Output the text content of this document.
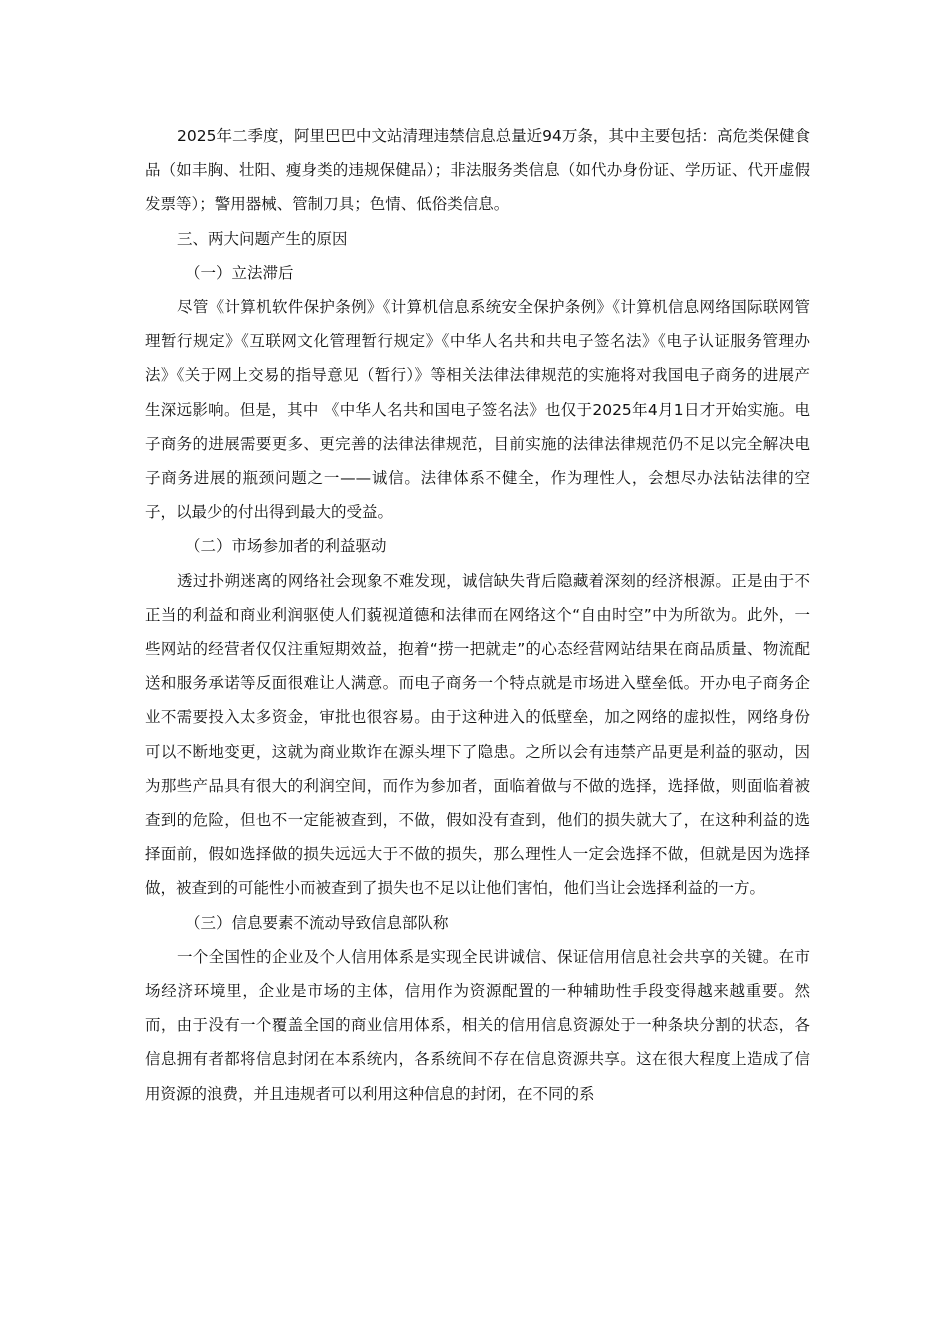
2025年二季度，阿里巴巴中文站清理违禁信息总量近94万条，其中主要包括：高危类保健食品（如丰胸、壮阳、瘦身类的违规保健品）；非法服务类信息（如代办身份证、学历证、代开虚假发票等）；警用器械、管制刀具；色情、低俗类信息。

三、两大问题产生的原因

（一）立法滞后

尽管《计算机软件保护条例》《计算机信息系统安全保护条例》《计算机信息网络国际联网管理暂行规定》《互联网文化管理暂行规定》《中华人名共和共电子签名法》《电子认证服务管理办法》《关于网上交易的指导意见（暂行）》等相关法律法律规范的实施将对我国电子商务的进展产生深远影响。但是，其中 《中华人名共和国电子签名法》也仅于2025年4月1日才开始实施。电子商务的进展需要更多、更完善的法律法律规范，目前实施的法律法律规范仍不足以完全解决电子商务进展的瓶颈问题之一——诚信。法律体系不健全，作为理性人，会想尽办法钻法律的空子，以最少的付出得到最大的受益。

（二）市场参加者的利益驱动

透过扑朔迷离的网络社会现象不难发现，诚信缺失背后隐藏着深刻的经济根源。正是由于不正当的利益和商业利润驱使人们藐视道德和法律而在网络这个“自由时空”中为所欲为。此外，一些网站的经营者仅仅注重短期效益，抱着“捞一把就走”的心态经营网站结果在商品质量、物流配送和服务承诺等反面很难让人满意。而电子商务一个特点就是市场进入壁垒低。开办电子商务企业不需要投入太多资金，审批也很容易。由于这种进入的低壁垒，加之网络的虚拟性，网络身份可以不断地变更，这就为商业欺诈在源头埋下了隐患。之所以会有违禁产品更是利益的驱动，因为那些产品具有很大的利润空间，而作为参加者，面临着做与不做的选择，选择做，则面临着被查到的危险，但也不一定能被查到，不做，假如没有查到，他们的损失就大了，在这种利益的选择面前，假如选择做的损失远远大于不做的损失，那么理性人一定会选择不做，但就是因为选择做，被查到的可能性小而被查到了损失也不足以让他们害怕，他们当让会选择利益的一方。

（三）信息要素不流动导致信息部队称

一个全国性的企业及个人信用体系是实现全民讲诚信、保证信用信息社会共享的关键。在市场经济环境里，企业是市场的主体，信用作为资源配置的一种辅助性手段变得越来越重要。然而，由于没有一个覆盖全国的商业信用体系，相关的信用信息资源处于一种条块分割的状态，各信息拥有者都将信息封闭在本系统内，各系统间不存在信息资源共享。这在很大程度上造成了信用资源的浪费，并且违规者可以利用这种信息的封闭，在不同的系
